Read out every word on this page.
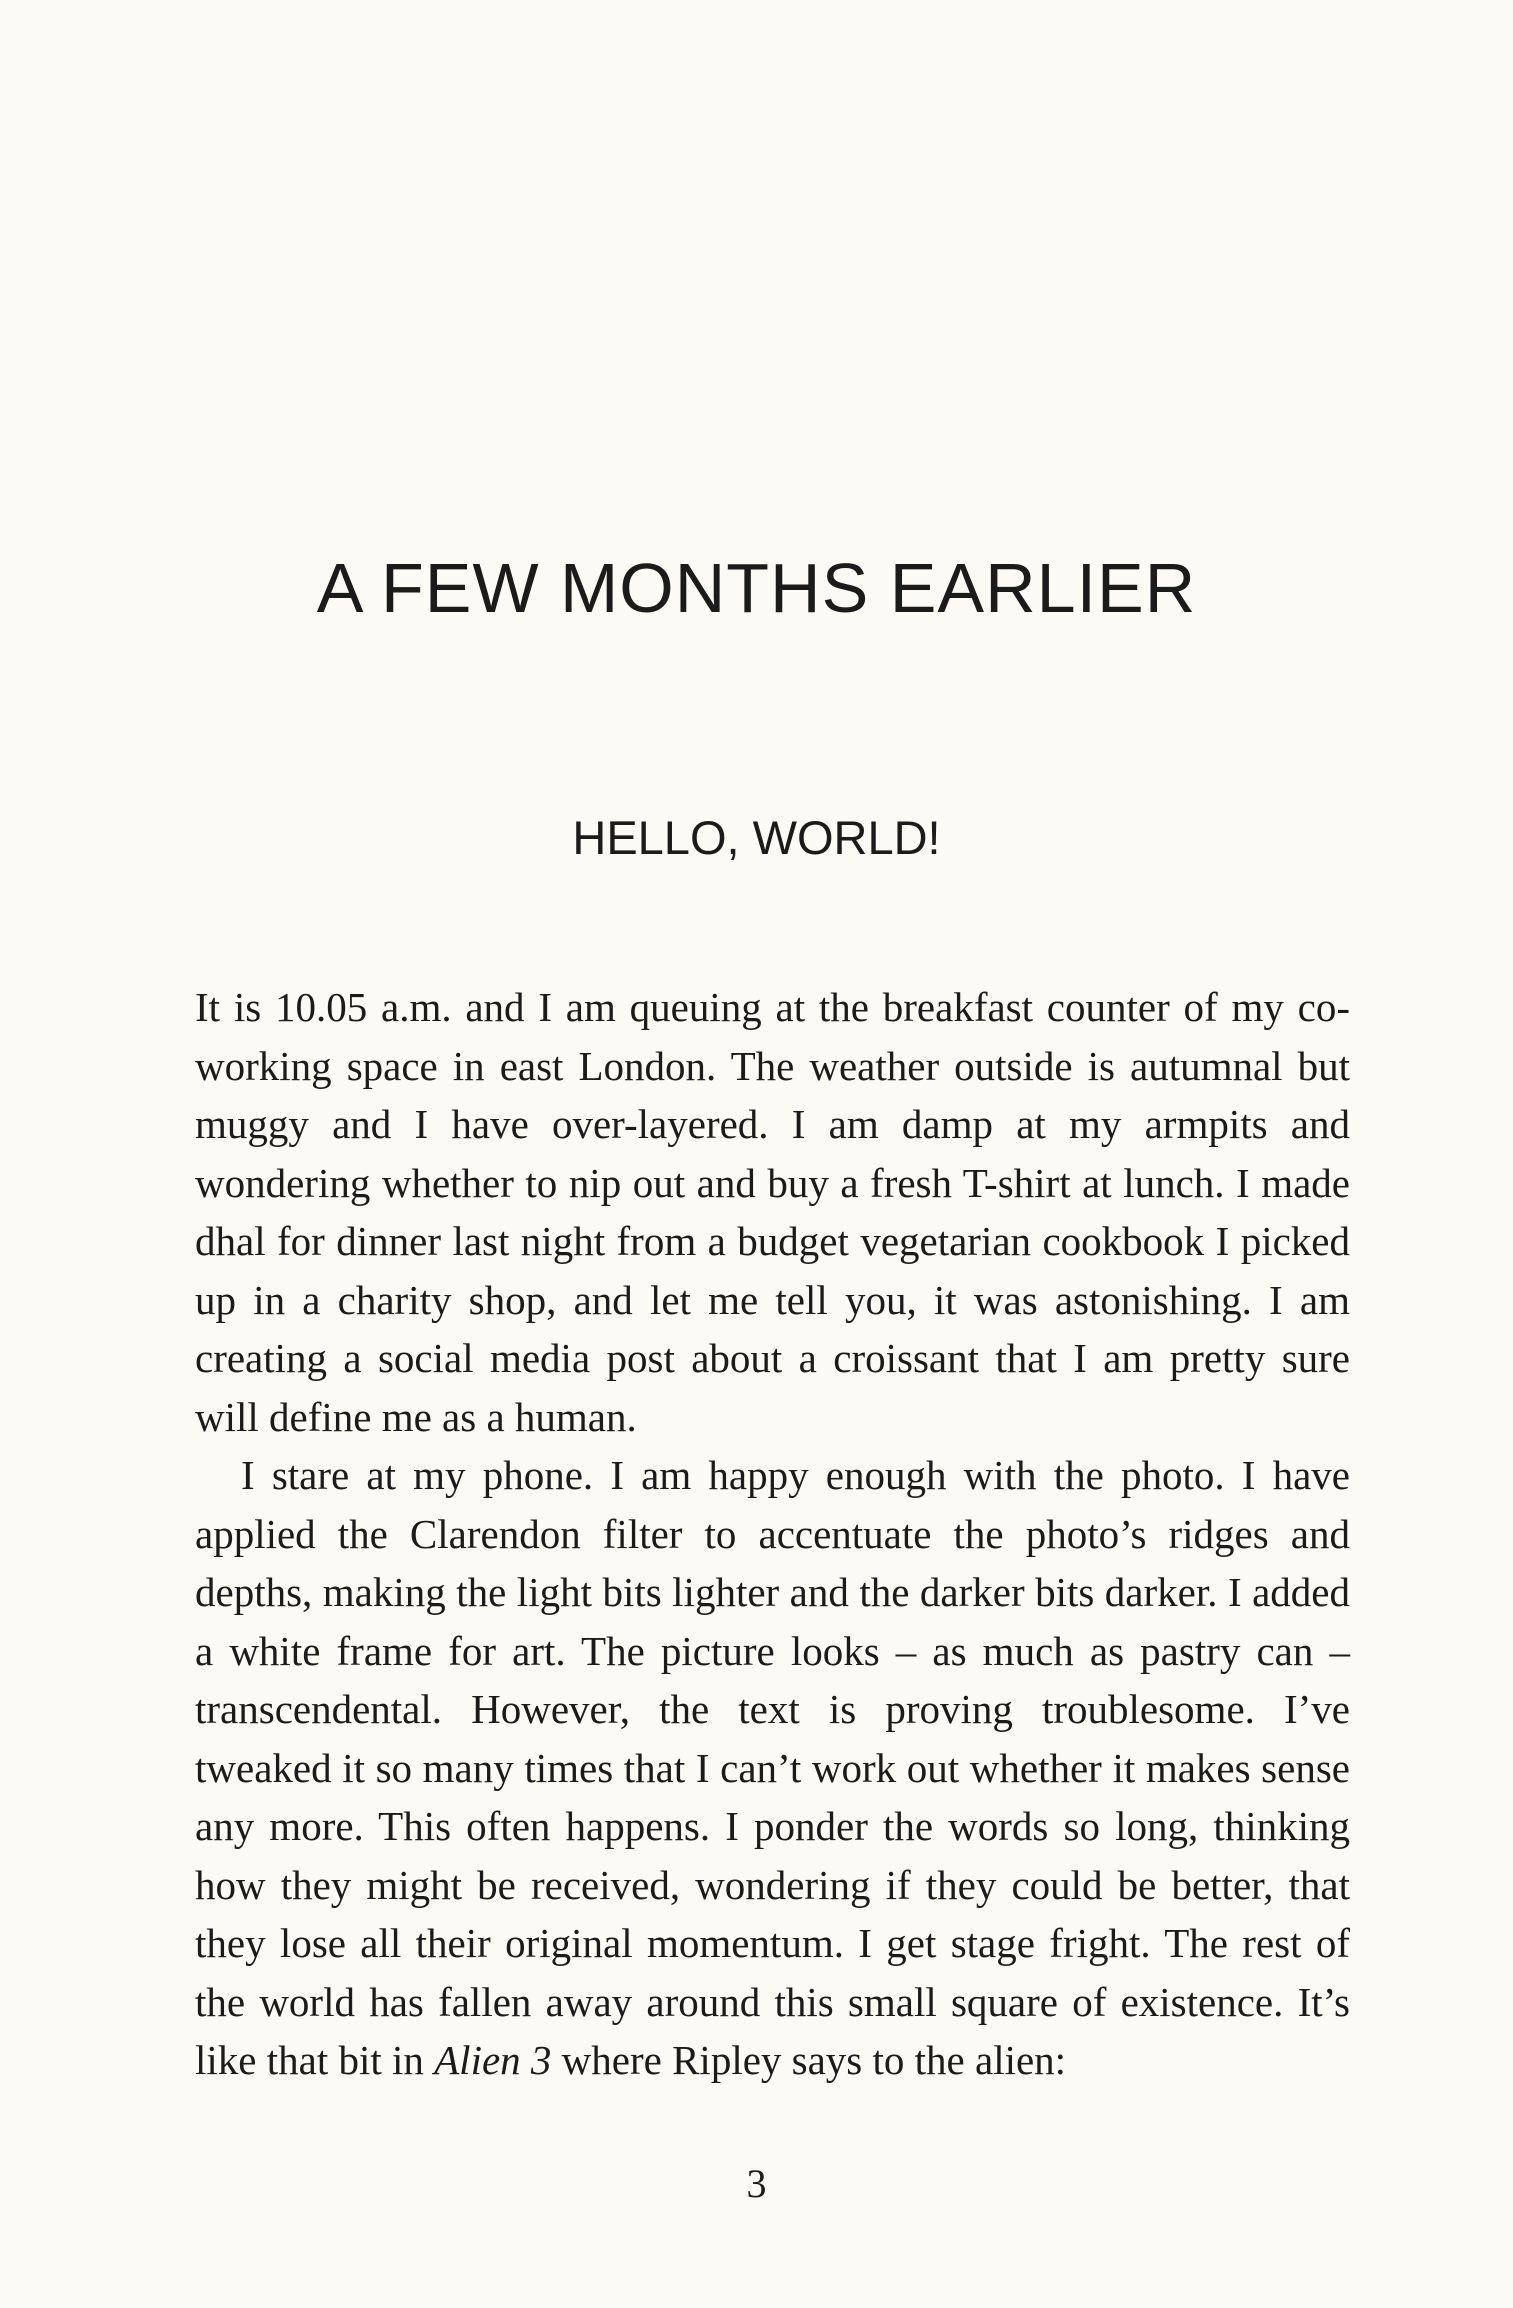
A FEW MONTHS EARLIER
HELLO, WORLD!

It is 10.05 a.m. and I am queuing at the breakfast counter of my co-working space in east London. The weather outside is autumnal but muggy and I have over-layered. I am damp at my armpits and wondering whether to nip out and buy a fresh T-shirt at lunch. I made dhal for dinner last night from a budget vegetarian cookbook I picked up in a charity shop, and let me tell you, it was astonishing. I am creating a social media post about a croissant that I am pretty sure will define me as a human.

I stare at my phone. I am happy enough with the photo. I have applied the Clarendon filter to accentuate the photo’s ridges and depths, making the light bits lighter and the darker bits darker. I added a white frame for art. The picture looks – as much as pastry can – transcendental. However, the text is proving troublesome. I’ve tweaked it so many times that I can’t work out whether it makes sense any more. This often happens. I ponder the words so long, thinking how they might be received, wondering if they could be better, that they lose all their original momentum. I get stage fright. The rest of the world has fallen away around this small square of existence. It’s like that bit in Alien 3 where Ripley says to the alien:

3
